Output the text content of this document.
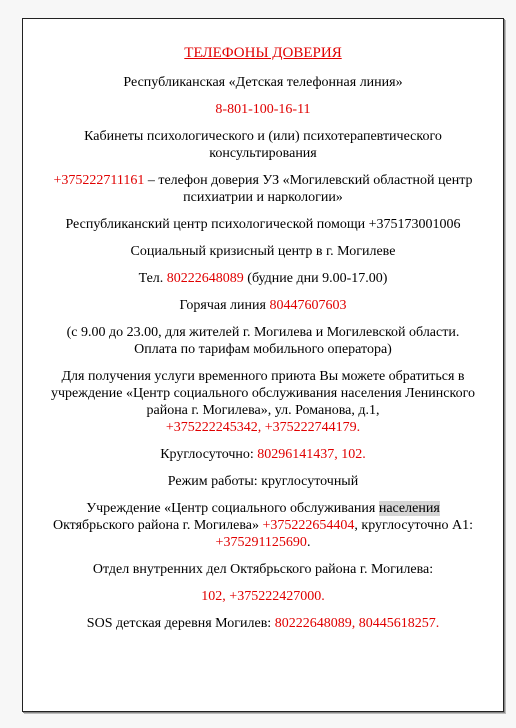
ТЕЛЕФОНЫ ДОВЕРИЯ
Республиканская «Детская телефонная линия»
8-801-100-16-11
Кабинеты психологического и (или) психотерапевтического консультирования
+375222711161 – телефон доверия УЗ «Могилевский областной центр психиатрии и наркологии»
Республиканский центр психологической помощи +375173001006
Социальный кризисный центр в г. Могилеве
Тел. 80222648089 (будние дни 9.00-17.00)
Горячая линия 80447607603
(с 9.00 до 23.00, для жителей г. Могилева и Могилевской области. Оплата по тарифам мобильного оператора)
Для получения услуги временного приюта Вы можете обратиться в учреждение «Центр социального обслуживания населения Ленинского района г. Могилева», ул. Романова, д.1,
+375222245342, +375222744179.
Круглосуточно: 80296141437, 102.
Режим работы: круглосуточный
Учреждение «Центр социального обслуживания населения Октябрьского района г. Могилева» +375222654404, круглосуточно А1: +375291125690.
Отдел внутренних дел Октябрьского района г. Могилева:
102, +375222427000.
SOS детская деревня Могилев: 80222648089, 80445618257.
